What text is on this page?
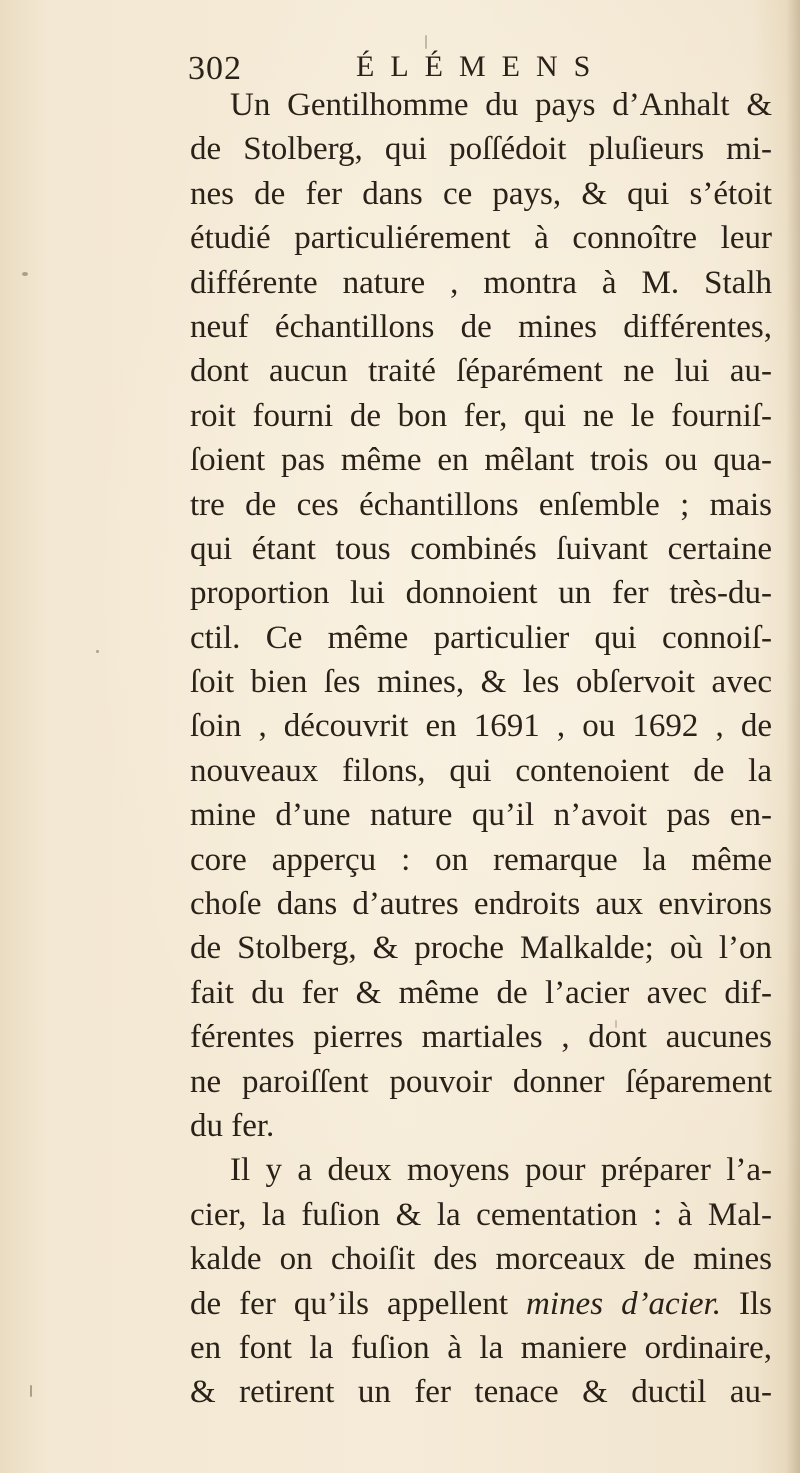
302	ÉLÉMENS
Un Gentilhomme du pays d’Anhalt &
de Stolberg, qui poſſédoit pluſieurs mi-
nes de fer dans ce pays, & qui s’étoit
étudié particuliérement à connoître leur
différente nature , montra à M. Stalh
neuf échantillons de mines différentes,
dont aucun traité ſéparément ne lui au-
roit fourni de bon fer, qui ne le fourniſ-
ſoient pas même en mêlant trois ou qua-
tre de ces échantillons enſemble ; mais
qui étant tous combinés ſuivant certaine
proportion lui donnoient un fer très-du-
ctil. Ce même particulier qui connoiſ-
ſoit bien ſes mines, & les obſervoit avec
ſoin , découvrit en 1691 , ou 1692 , de
nouveaux filons, qui contenoient de la
mine d’une nature qu’il n’avoit pas en-
core apperçu : on remarque la même
choſe dans d’autres endroits aux environs
de Stolberg, & proche Malkalde; où l’on
fait du fer & même de l’acier avec dif-
férentes pierres martiales , dont aucunes
ne paroiſſent pouvoir donner ſéparement
du fer.
Il y a deux moyens pour préparer l’a-
cier, la fuſion & la cementation : à Mal-
kalde on choiſit des morceaux de mines
de fer qu’ils appellent mines d’acier. Ils
en font la fuſion à la maniere ordinaire,
& retirent un fer tenace & ductil au-
